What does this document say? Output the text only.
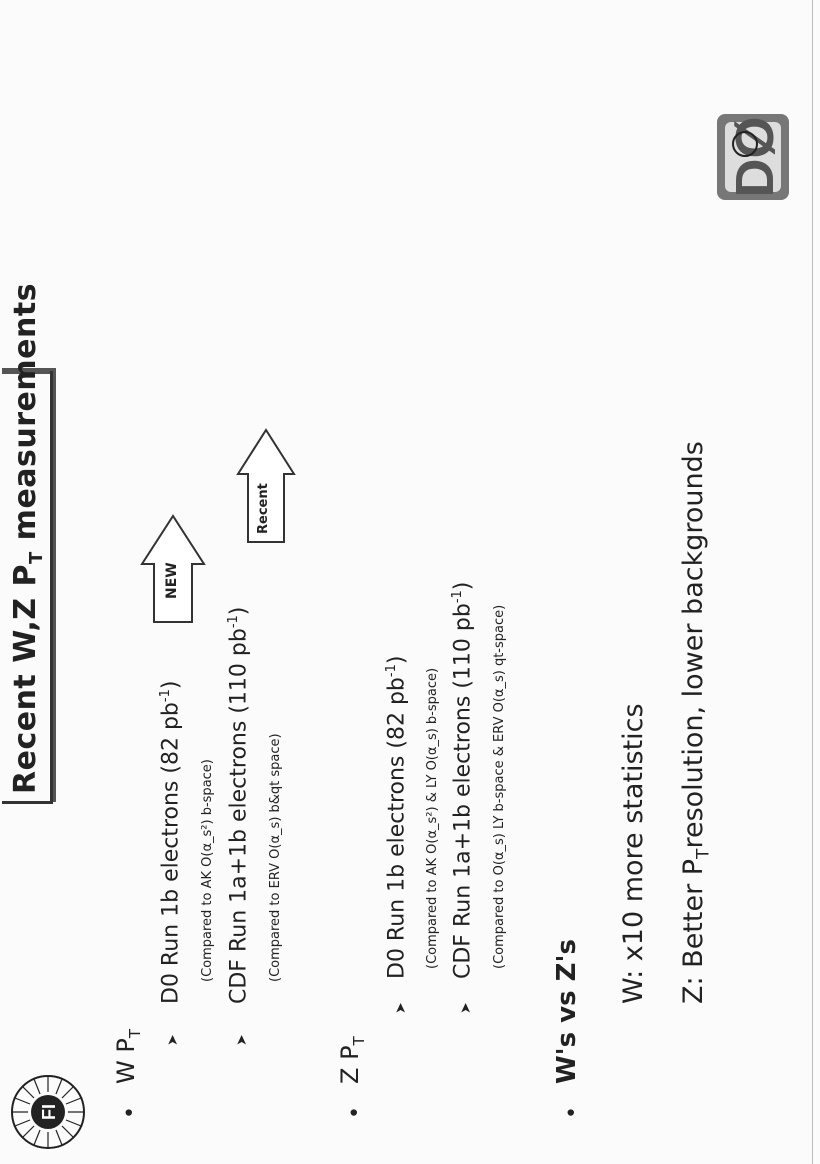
FI
DØ
Recent W,Z $P_T$ measurements
•
W $P_T$
➤
D0 Run 1b electrons (82 $pb^{-1}$)
(Compared to AK O(α_s²) b-space)
➤
CDF Run 1a+1b electrons (110 $pb^{-1}$)
(Compared to ERV O(α_s) b&qt space)
NEW
Recent
•
Z $P_T$
➤
D0 Run 1b electrons (82 $pb^{-1}$)
(Compared to AK O(α_s²) & LY O(α_s) b-space)
➤
CDF Run 1a+1b electrons (110 $pb^{-1}$)
(Compared to O(α_s) LY b-space & ERV O(α_s) qt-space)
•
W's vs Z's
W: x10 more statistics Z: Better $P_Tresolution$, lower backgrounds
